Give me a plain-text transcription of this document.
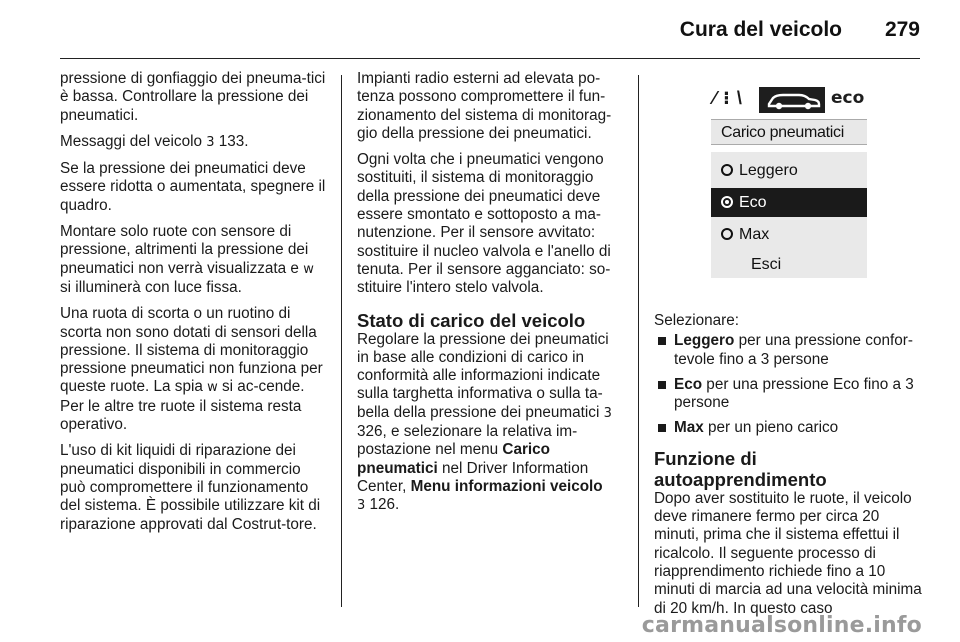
Cura del veicolo 279

pressione di gonfiaggio dei pneuma-tici è bassa. Controllare la pressione dei pneumatici.

Messaggi del veicolo 3 133.

Se la pressione dei pneumatici deve essere ridotta o aumentata, spegnere il quadro.

Montare solo ruote con sensore di pressione, altrimenti la pressione dei pneumatici non verrà visualizzata e w si illuminerà con luce fissa.

Una ruota di scorta o un ruotino di scorta non sono dotati di sensori della pressione. Il sistema di monitoraggio pressione pneumatici non funziona per queste ruote. La spia w si ac-cende. Per le altre tre ruote il sistema resta operativo.

L'uso di kit liquidi di riparazione dei pneumatici disponibili in commercio può compromettere il funzionamento del sistema. È possibile utilizzare kit di riparazione approvati dal Costrut-tore.

Impianti radio esterni ad elevata po-tenza possono compromettere il fun-zionamento del sistema di monitorag-gio della pressione dei pneumatici.

Ogni volta che i pneumatici vengono sostituiti, il sistema di monitoraggio della pressione dei pneumatici deve essere smontato e sottoposto a ma-nutenzione. Per il sensore avvitato: sostituire il nucleo valvola e l'anello di tenuta. Per il sensore agganciato: so-stituire l'intero stelo valvola.

Stato di carico del veicolo

Regolare la pressione dei pneumatici in base alle condizioni di carico in conformità alle informazioni indicate sulla targhetta informativa o sulla ta-bella della pressione dei pneumatici 3 326, e selezionare la relativa im-postazione nel menu Carico pneumatici nel Driver Information Center, Menu informazioni veicolo
3 126.

⁄ ⁝ \	eco
Carico pneumatici
Leggero
Eco
Max
Esci

Selezionare:

Leggero per una pressione confor-tevole fino a 3 persone
Eco per una pressione Eco fino a 3 persone
Max per un pieno carico
Funzione di autoapprendimento

Dopo aver sostituito le ruote, il veicolo deve rimanere fermo per circa 20 minuti, prima che il sistema effettui il ricalcolo. Il seguente processo di riapprendimento richiede fino a 10 minuti di marcia ad una velocità minima di 20 km/h. In questo caso

carmanualsonline.info
